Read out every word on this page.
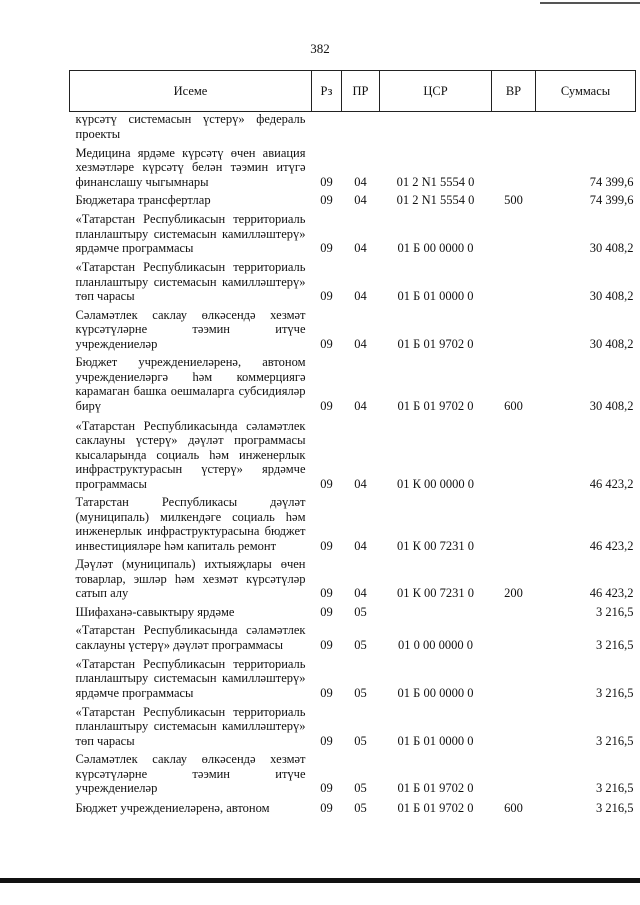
382
Исеме	Рз	ПР	ЦСР	ВР	Суммасы
күрсәтү системасын үстерү» федераль проекты					
Медицина ярдәме күрсәтү өчен авиация хезмәтләре күрсәтү белән тәэмин итүгә финанслашу чыгымнары	09	04	01 2 N1 5554 0		74 399,6
Бюджетара трансфертлар	09	04	01 2 N1 5554 0	500	74 399,6
«Татарстан Республикасын территориаль планлаштыру системасын камилләштерү» ярдәмче программасы	09	04	01 Б 00 0000 0		30 408,2
«Татарстан Республикасын территориаль планлаштыру системасын камилләштерү» төп чарасы	09	04	01 Б 01 0000 0		30 408,2
Сәламәтлек саклау өлкәсендә хезмәт күрсәтүләрне тәэмин итүче учреждениеләр	09	04	01 Б 01 9702 0		30 408,2
Бюджет учреждениеләренә, автоном учреждениеләргә һәм коммерциягә карамаган башка оешмаларга субсидияләр бирү	09	04	01 Б 01 9702 0	600	30 408,2
«Татарстан Республикасында сәламәтлек саклауны үстерү» дәүләт программасы кысаларында социаль һәм инженерлык инфраструктурасын үстерү» ярдәмче программасы	09	04	01 К 00 0000 0		46 423,2
Татарстан Республикасы дәүләт (муниципаль) милкендәге социаль һәм инженерлык инфраструктурасына бюджет инвестицияләре һәм капиталь ремонт	09	04	01 К 00 7231 0		46 423,2
Дәүләт (муниципаль) ихтыяҗлары өчен товарлар, эшләр һәм хезмәт күрсәтүләр сатып алу	09	04	01 К 00 7231 0	200	46 423,2
Шифаханә-савыктыру ярдәме	09	05			3 216,5
«Татарстан Республикасында сәламәтлек саклауны үстерү» дәүләт программасы	09	05	01 0 00 0000 0		3 216,5
«Татарстан Республикасын территориаль планлаштыру системасын камилләштерү» ярдәмче программасы	09	05	01 Б 00 0000 0		3 216,5
«Татарстан Республикасын территориаль планлаштыру системасын камилләштерү» төп чарасы	09	05	01 Б 01 0000 0		3 216,5
Сәламәтлек саклау өлкәсендә хезмәт күрсәтүләрне тәэмин итүче учреждениеләр	09	05	01 Б 01 9702 0		3 216,5
Бюджет учреждениеләренә, автоном	09	05	01 Б 01 9702 0	600	3 216,5
